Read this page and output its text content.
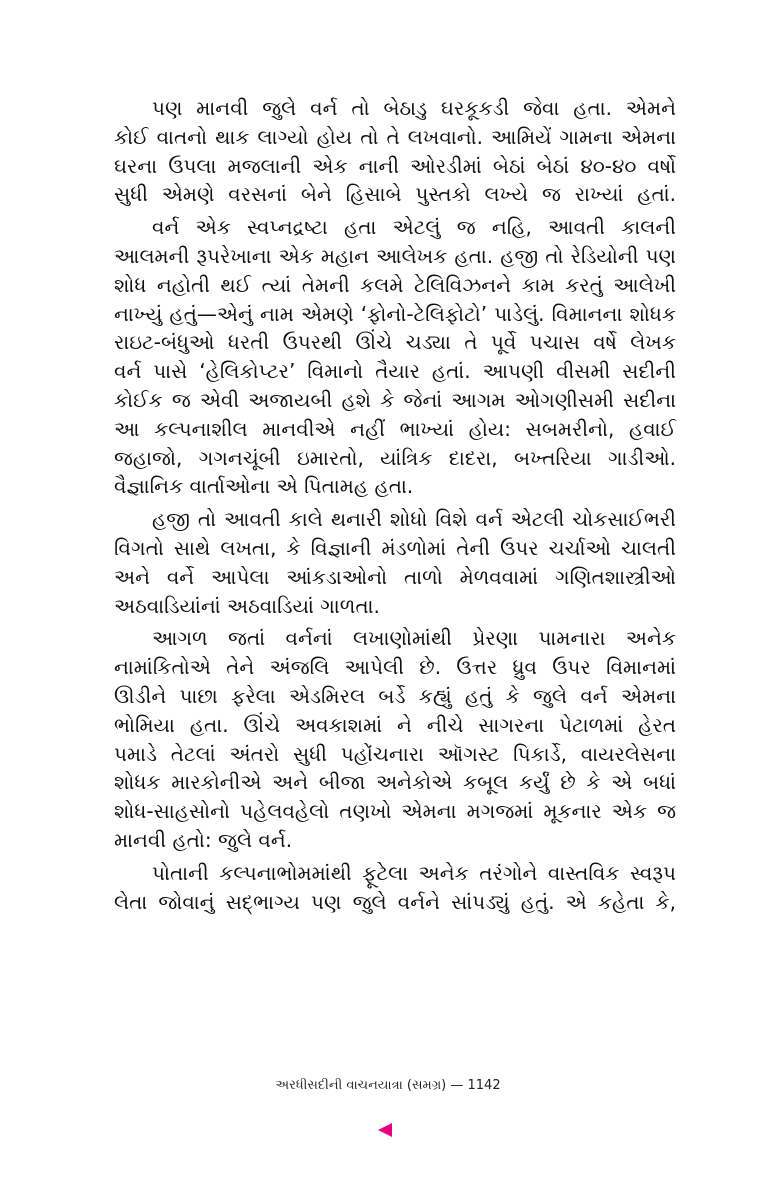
પણ માનવી જુલે વર્ન તો બેઠાડુ ઘરકૂકડી જેવા હતા. એમને
કોઈ વાતનો થાક લાગ્યો હોય તો તે લખવાનો. આમિયેં ગામના એમના
ઘરના ઉપલા મજલાની એક નાની ઓરડીમાં બેઠાં બેઠાં ૪૦-૪૦ વર્ષો
સુધી એમણે વરસનાં બેને હિસાબે પુસ્તકો લખ્યે જ રાખ્યાં હતાં.

વર્ન એક સ્વપ્નદ્રષ્ટા હતા એટલું જ નહિ, આવતી કાલની
આલમની રૂપરેખાના એક મહાન આલેખક હતા. હજી તો રેડિયોની પણ
શોધ નહોતી થઈ ત્યાં તેમની કલમે ટેલિવિઝનને કામ કરતું આલેખી
નાખ્યું હતું—એનું નામ એમણે ‘ફોનો-ટેલિફોટો’ પાડેલું. વિમાનના શોધક
રાઇટ-બંધુઓ ધરતી ઉપરથી ઊંચે ચડ્યા તે પૂર્વે પચાસ વર્ષે લેખક
વર્ન પાસે ‘હેલિકોપ્ટર’ વિમાનો તૈયાર હતાં. આપણી વીસમી સદીની
કોઈક જ એવી અજાયબી હશે કે જેનાં આગમ ઓગણીસમી સદીના
આ કલ્પનાશીલ માનવીએ નહીં ભાખ્યાં હોય: સબમરીનો, હવાઈ
જહાજો, ગગનચૂંબી ઇમારતો, યાંત્રિક દાદરા, બખ્તરિયા ગાડીઓ.
વૈજ્ઞાનિક વાર્તાઓના એ પિતામહ હતા.

હજી તો આવતી કાલે થનારી શોધો વિશે વર્ન એટલી ચોકસાઈભરી
વિગતો સાથે લખતા, કે વિજ્ઞાની મંડળોમાં તેની ઉપર ચર્ચાઓ ચાલતી
અને વર્ને આપેલા આંકડાઓનો તાળો મેળવવામાં ગણિતશાસ્ત્રીઓ
અઠવાડિયાંનાં અઠવાડિયાં ગાળતા.

આગળ જતાં વર્નનાં લખાણોમાંથી પ્રેરણા પામનારા અનેક
નામાંકિતોએ તેને અંજલિ આપેલી છે. ઉત્તર ધ્રુવ ઉપર વિમાનમાં
ઊડીને પાછા ફરેલા એડમિરલ બર્ડે કહ્યું હતું કે જુલે વર્ન એમના
ભોમિયા હતા. ઊંચે અવકાશમાં ને નીચે સાગરના પેટાળમાં હેરત
પમાડે તેટલાં અંતરો સુધી પહોંચનારા ઑગસ્ટ પિકાર્ડે, વાયરલેસના
શોધક મારકોનીએ અને બીજા અનેકોએ કબૂલ કર્યું છે કે એ બધાં
શોધ-સાહસોનો પહેલવહેલો તણખો એમના મગજમાં મૂકનાર એક જ
માનવી હતો: જુલે વર્ન.

પોતાની કલ્પનાભોમમાંથી ફૂટેલા અનેક તરંગોને વાસ્તવિક સ્વરૂપ
લેતા જોવાનું સદ્ભાગ્ય પણ જુલે વર્નને સાંપડ્યું હતું. એ કહેતા કે,

અરધીસદીની વાચનયાત્રા (સમગ્ર) — 1142
